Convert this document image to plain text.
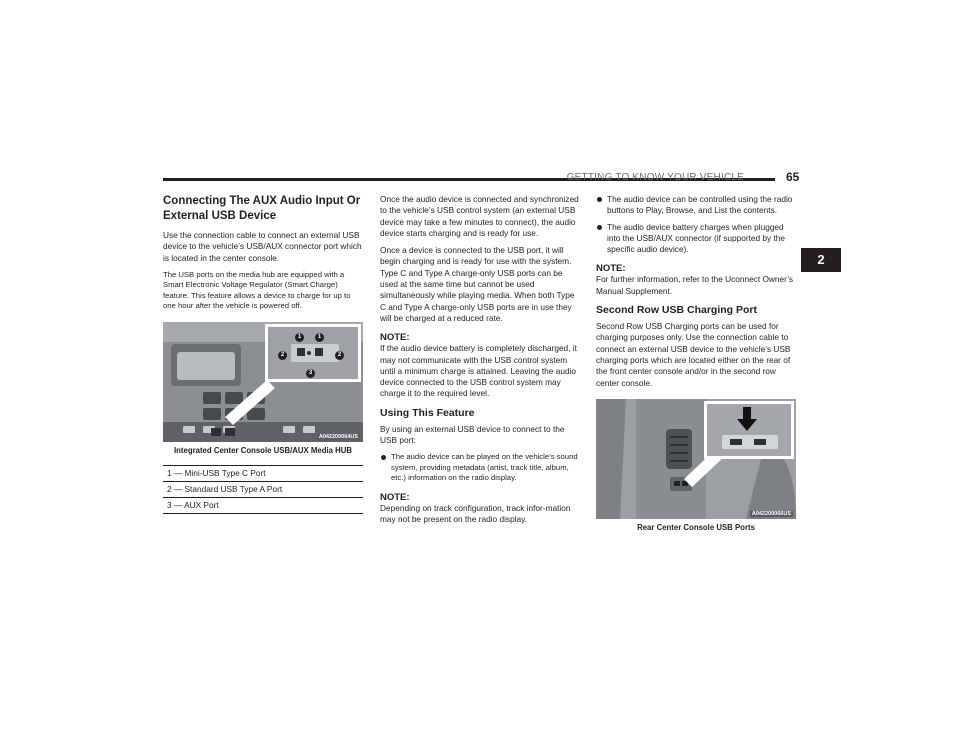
GETTING TO KNOW YOUR VEHICLE	65
2
Connecting The AUX Audio Input Or External USB Device

Use the connection cable to connect an external USB device to the vehicle’s USB/AUX connector port which is located in the center console.

The USB ports on the media hub are equipped with a Smart Electronic Voltage Regulator (Smart Charge) feature. This feature allows a device to charge for up to one hour after the vehicle is powered off.

1	1
2	2
3
A042200064US
Integrated Center Console USB/AUX Media HUB
1 — Mini-USB Type C Port
2 — Standard USB Type A Port
3 — AUX Port

Once the audio device is connected and synchronized to the vehicle’s USB control system (an external USB device may take a few minutes to connect), the audio device starts charging and is ready for use.

Once a device is connected to the USB port, it will begin charging and is ready for use with the system. Type C and Type A charge-only USB ports can be used at the same time but cannot be used simultaneously while playing media. When both Type C and Type A charge-only USB ports are in use they will be charged at a reduced rate.

NOTE:

If the audio device battery is completely discharged, it may not communicate with the USB control system until a minimum charge is attained. Leaving the audio device connected to the USB control system may charge it to the required level.

Using This Feature

By using an external USB device to connect to the USB port:

The audio device can be played on the vehicle’s sound system, providing metadata (artist, track title, album, etc.) information on the radio display.
NOTE:

Depending on track configuration, track infor-mation may not be present on the radio display.

The audio device can be controlled using the radio buttons to Play, Browse, and List the contents.
The audio device battery charges when plugged into the USB/AUX connector (if supported by the specific audio device).
NOTE:

For further information, refer to the Uconnect Owner’s Manual Supplement.

Second Row USB Charging Port

Second Row USB Charging ports can be used for charging purposes only. Use the connection cable to connect an external USB device to the vehicle’s USB charging ports which are located either on the rear of the front center console and/or in the second row center console.

A042200066US
Rear Center Console USB Ports
